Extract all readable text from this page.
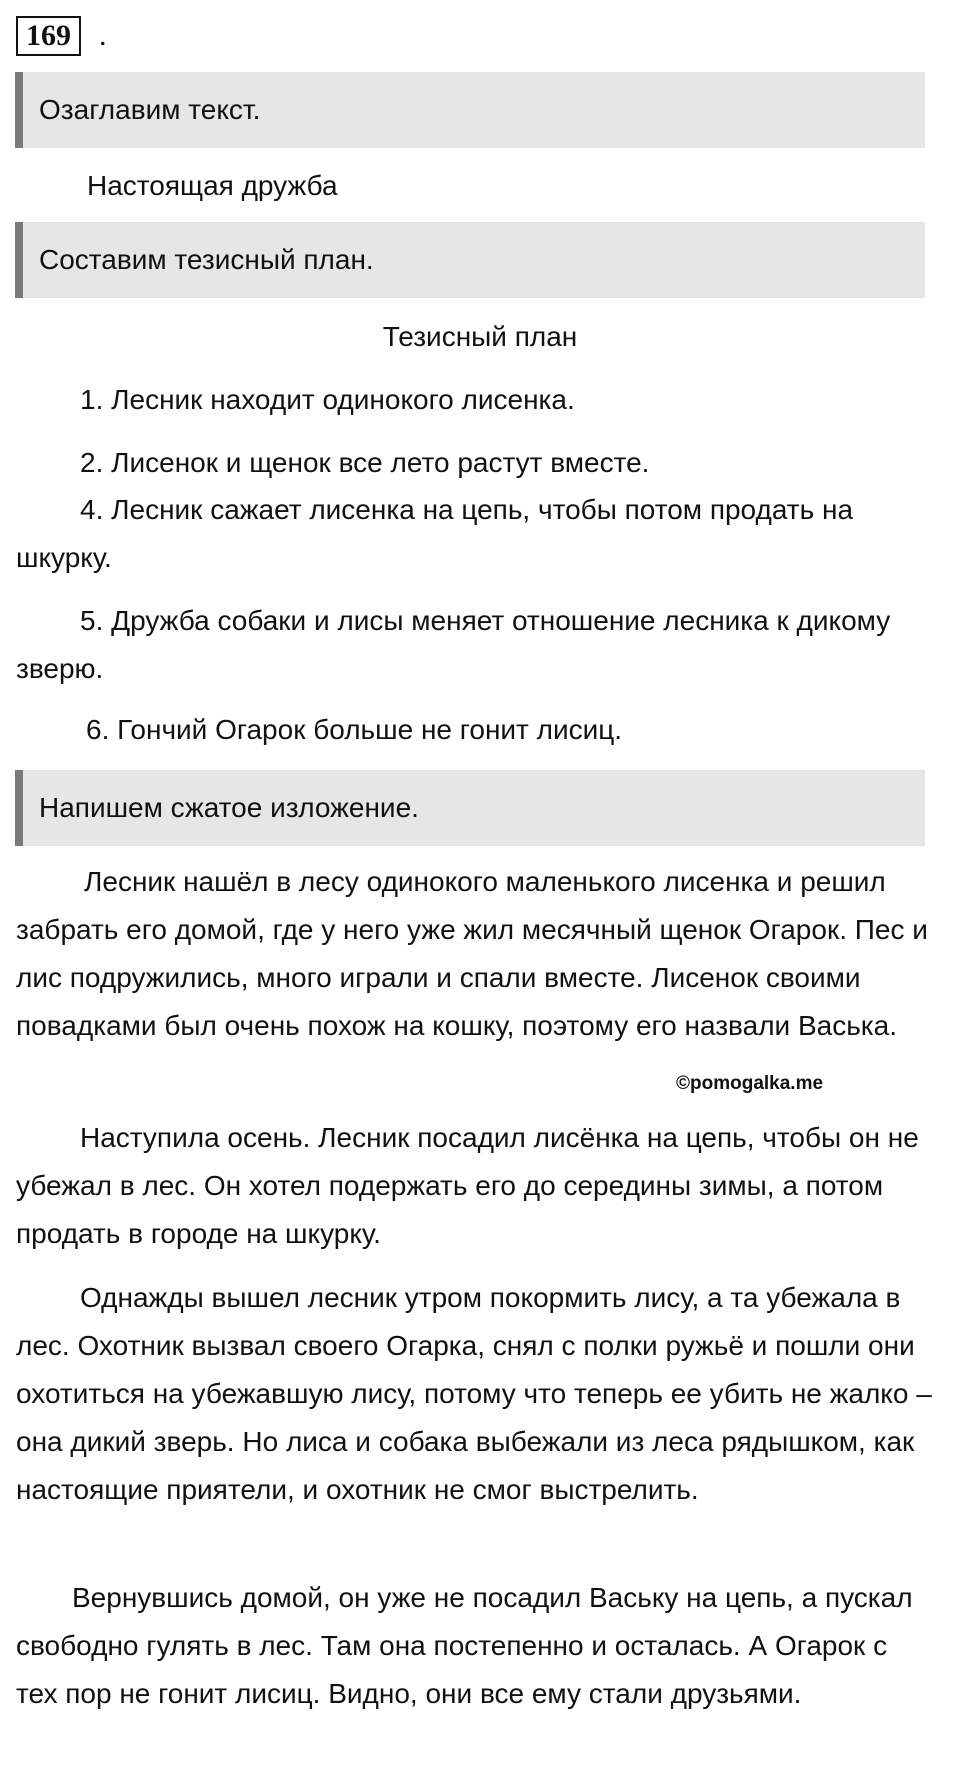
169 .
Озаглавим текст.
Настоящая дружба
Составим тезисный план.
Тезисный план
1. Лесник находит одинокого лисенка.
2. Лисенок и щенок все лето растут вместе.
4. Лесник сажает лисенка на цепь, чтобы потом продать на шкурку.
5. Дружба собаки и лисы меняет отношение лесника к дикому зверю.
6. Гончий Огарок больше не гонит лисиц.
Напишем сжатое изложение.
Лесник нашёл в лесу одинокого маленького лисенка и решил забрать его домой, где у него уже жил месячный щенок Огарок. Пес и лис подружились, много играли и спали вместе. Лисенок своими повадками был очень похож на кошку, поэтому его назвали Васька.
©pomogalka.me
Наступила осень. Лесник посадил лисёнка на цепь, чтобы он не убежал в лес. Он хотел подержать его до середины зимы, а потом продать в городе на шкурку.
Однажды вышел лесник утром покормить лису, а та убежала в лес. Охотник вызвал своего Огарка, снял с полки ружьё и пошли они охотиться на убежавшую лису, потому что теперь ее убить не жалко – она дикий зверь. Но лиса и собака выбежали из леса рядышком, как настоящие приятели, и охотник не смог выстрелить.
Вернувшись домой, он уже не посадил Ваську на цепь, а пускал свободно гулять в лес. Там она постепенно и осталась. А Огарок с тех пор не гонит лисиц. Видно, они все ему стали друзьями.
